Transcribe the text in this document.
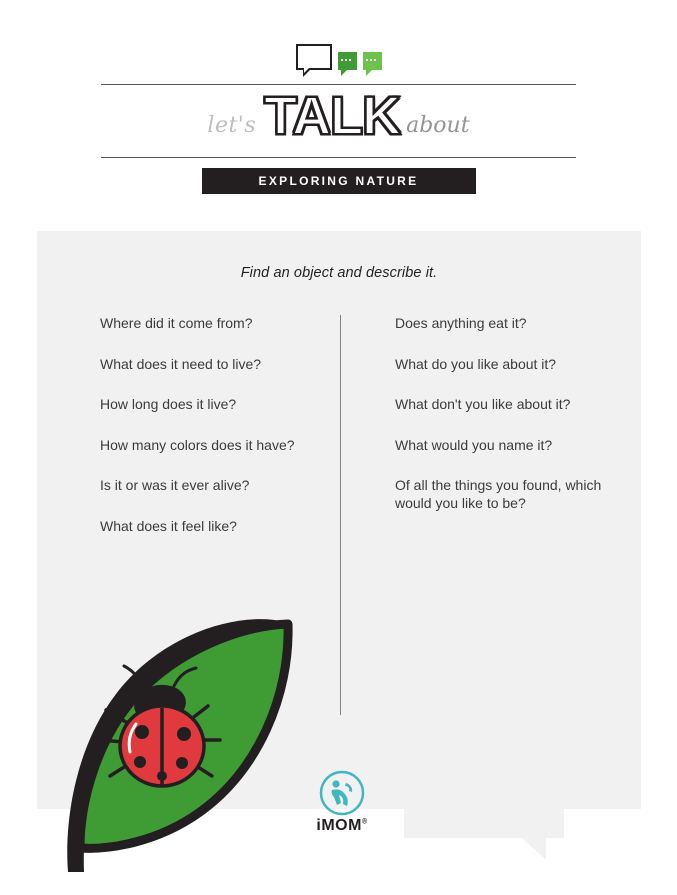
let's TALK about
EXPLORING NATURE
Find an object and describe it.
Where did it come from?
What does it need to live?
How long does it live?
How many colors does it have?
Is it or was it ever alive?
What does it feel like?
Does anything eat it?
What do you like about it?
What don't you like about it?
What would you name it?
Of all the things you found, which would you like to be?
iMOM®
